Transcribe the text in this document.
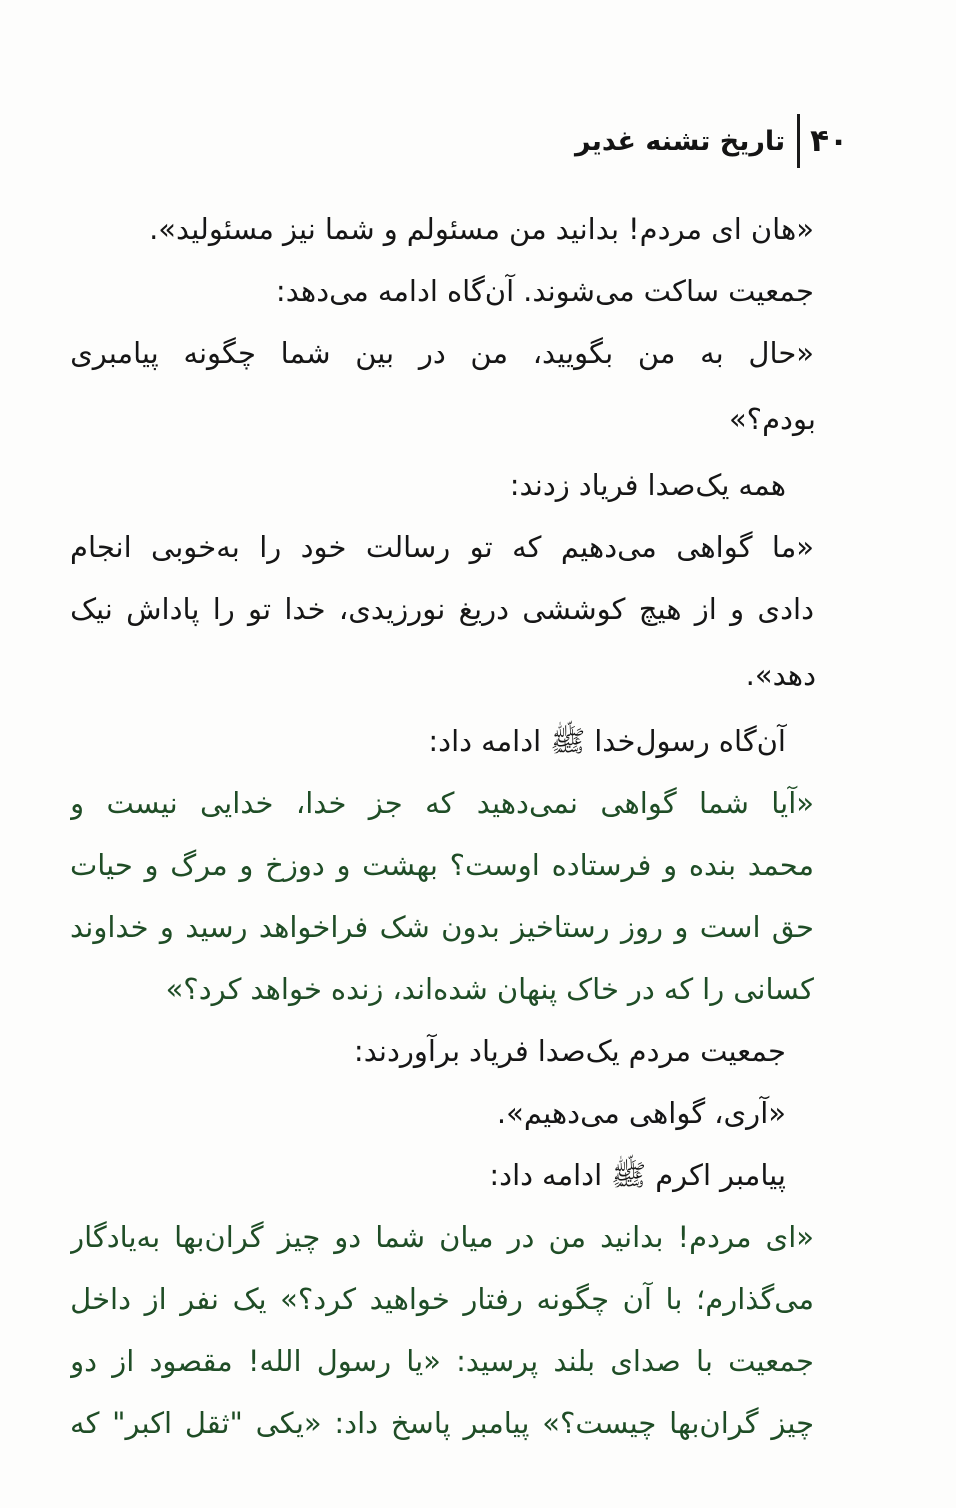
۴۰
تاریخ تشنه غدیر
«هان
ای
مردم!
بدانید
من
مسئولم
و
شما
نیز
مسئولید».
جمعیت
ساکت
می‌شوند.
آن‌گاه
ادامه
می‌دهد:
«حال
به
من
بگویید،
من
در
بین
شما
چگونه
پیامبری
بودم؟»
همه
یک‌صدا
فریاد
زدند:
«ما
گواهی
می‌دهیم
که
تو
رسالت
خود
را
به‌خوبی
انجام
دادی
و
از
هیچ
کوششی
دریغ
نورزیدی،
خدا
تو
را
پاداش
نیک
دهد».
آن‌گاه
رسول‌خدا
ﷺ
ادامه
داد:
«آیا
شما
گواهی
نمی‌دهید
که
جز
خدا،
خدایی
نیست
و
محمد
بنده
و
فرستاده
اوست؟
بهشت
و
دوزخ
و
مرگ
و
حیات
حق
است
و
روز
رستاخیز
بدون
شک
فراخواهد
رسید
و
خداوند
کسانی
را
که
در
خاک
پنهان
شده‌اند،
زنده
خواهد
کرد؟»
جمعیت
مردم
یک‌صدا
فریاد
برآوردند:
«آری،
گواهی
می‌دهیم».
پیامبر
اکرم
ﷺ
ادامه
داد:
«ای
مردم!
بدانید
من
در
میان
شما
دو
چیز
گران‌بها
به‌یادگار
می‌گذارم؛
با
آن
چگونه
رفتار
خواهید
کرد؟»
یک
نفر
از
داخل
جمعیت
با
صدای
بلند
پرسید:
«یا
رسول
الله!
مقصود
از
دو
چیز
گران‌بها
چیست؟»
پیامبر
پاسخ
داد:
«یکی
"ثقل
اکبر"
که
